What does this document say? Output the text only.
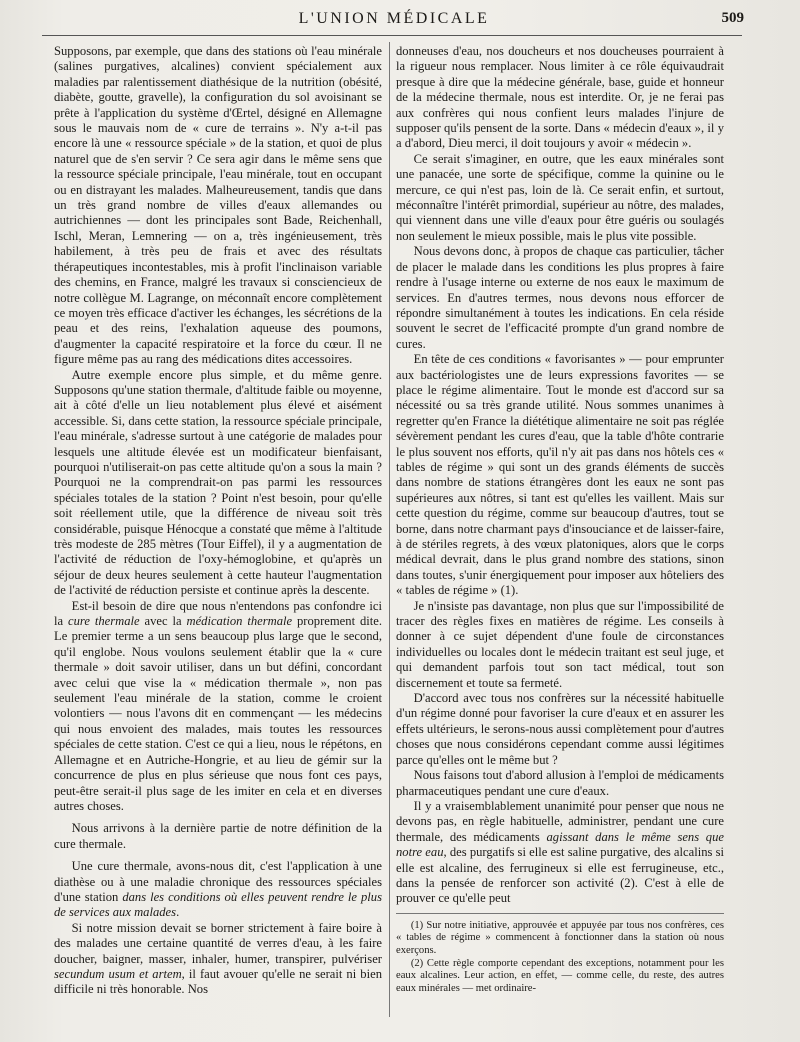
L'UNION MÉDICALE	509

Supposons, par exemple, que dans des stations où l'eau minérale (salines purgatives, alcalines) convient spécialement aux maladies par ralentissement diathésique de la nutrition (obésité, diabète, goutte, gravelle), la configuration du sol avoisinant se prête à l'application du système d'Œrtel, désigné en Allemagne sous le mauvais nom de « cure de terrains ». N'y a-t-il pas encore là une « ressource spéciale » de la station, et quoi de plus naturel que de s'en servir ? Ce sera agir dans le même sens que la ressource spéciale principale, l'eau minérale, tout en occupant ou en distrayant les malades. Malheureusement, tandis que dans un très grand nombre de villes d'eaux allemandes ou autrichiennes — dont les principales sont Bade, Reichenhall, Ischl, Meran, Lemnering — on a, très ingénieusement, très habilement, à très peu de frais et avec des résultats thérapeutiques incontestables, mis à profit l'inclinaison variable des chemins, en France, malgré les travaux si consciencieux de notre collègue M. Lagrange, on méconnaît encore complètement ce moyen très efficace d'activer les échanges, les sécrétions de la peau et des reins, l'exhalation aqueuse des poumons, d'augmenter la capacité respiratoire et la force du cœur. Il ne figure même pas au rang des médications dites accessoires.

Autre exemple encore plus simple, et du même genre. Supposons qu'une station thermale, d'altitude faible ou moyenne, ait à côté d'elle un lieu notablement plus élevé et aisément accessible. Si, dans cette station, la ressource spéciale principale, l'eau minérale, s'adresse surtout à une catégorie de malades pour lesquels une altitude élevée est un modificateur bienfaisant, pourquoi n'utiliserait-on pas cette altitude qu'on a sous la main ? Pourquoi ne la comprendrait-on pas parmi les ressources spéciales totales de la station ? Point n'est besoin, pour qu'elle soit réellement utile, que la différence de niveau soit très considérable, puisque Hénocque a constaté que même à l'altitude très modeste de 285 mètres (Tour Eiffel), il y a augmentation de l'activité de réduction de l'oxy-hémoglobine, et qu'après un séjour de deux heures seulement à cette hauteur l'augmentation de l'activité de réduction persiste et continue après la descente.

Est-il besoin de dire que nous n'entendons pas confondre ici la cure thermale avec la médication thermale proprement dite. Le premier terme a un sens beaucoup plus large que le second, qu'il englobe. Nous voulons seulement établir que la « cure thermale » doit savoir utiliser, dans un but défini, concordant avec celui que vise la « médication thermale », non pas seulement l'eau minérale de la station, comme le croient volontiers — nous l'avons dit en commençant — les médecins qui nous envoient des malades, mais toutes les ressources spéciales de cette station. C'est ce qui a lieu, nous le répétons, en Allemagne et en Autriche-Hongrie, et au lieu de gémir sur la concurrence de plus en plus sérieuse que nous font ces pays, peut-être serait-il plus sage de les imiter en cela et en diverses autres choses.

Nous arrivons à la dernière partie de notre définition de la cure thermale.

Une cure thermale, avons-nous dit, c'est l'application à une diathèse ou à une maladie chronique des ressources spéciales d'une station dans les conditions où elles peuvent rendre le plus de services aux malades.

Si notre mission devait se borner strictement à faire boire à des malades une certaine quantité de verres d'eau, à les faire doucher, baigner, masser, inhaler, humer, transpirer, pulvériser secundum usum et artem, il faut avouer qu'elle ne serait ni bien difficile ni très honorable. Nos

donneuses d'eau, nos doucheurs et nos doucheuses pourraient à la rigueur nous remplacer. Nous limiter à ce rôle équivaudrait presque à dire que la médecine générale, base, guide et honneur de la médecine thermale, nous est interdite. Or, je ne ferai pas aux confrères qui nous confient leurs malades l'injure de supposer qu'ils pensent de la sorte. Dans « médecin d'eaux », il y a d'abord, Dieu merci, il doit toujours y avoir « médecin ».

Ce serait s'imaginer, en outre, que les eaux minérales sont une panacée, une sorte de spécifique, comme la quinine ou le mercure, ce qui n'est pas, loin de là. Ce serait enfin, et surtout, méconnaître l'intérêt primordial, supérieur au nôtre, des malades, qui viennent dans une ville d'eaux pour être guéris ou soulagés non seulement le mieux possible, mais le plus vite possible.

Nous devons donc, à propos de chaque cas particulier, tâcher de placer le malade dans les conditions les plus propres à faire rendre à l'usage interne ou externe de nos eaux le maximum de services. En d'autres termes, nous devons nous efforcer de répondre simultanément à toutes les indications. En cela réside souvent le secret de l'efficacité prompte d'un grand nombre de cures.

En tête de ces conditions « favorisantes » — pour emprunter aux bactériologistes une de leurs expressions favorites — se place le régime alimentaire. Tout le monde est d'accord sur sa nécessité ou sa très grande utilité. Nous sommes unanimes à regretter qu'en France la diététique alimentaire ne soit pas réglée sévèrement pendant les cures d'eau, que la table d'hôte contrarie le plus souvent nos efforts, qu'il n'y ait pas dans nos hôtels ces « tables de régime » qui sont un des grands éléments de succès dans nombre de stations étrangères dont les eaux ne sont pas supérieures aux nôtres, si tant est qu'elles les vaillent. Mais sur cette question du régime, comme sur beaucoup d'autres, tout se borne, dans notre charmant pays d'insouciance et de laisser-faire, à de stériles regrets, à des vœux platoniques, alors que le corps médical devrait, dans le plus grand nombre des stations, sinon dans toutes, s'unir énergiquement pour imposer aux hôteliers des « tables de régime » (1).

Je n'insiste pas davantage, non plus que sur l'impossibilité de tracer des règles fixes en matières de régime. Les conseils à donner à ce sujet dépendent d'une foule de circonstances individuelles ou locales dont le médecin traitant est seul juge, et qui demandent parfois tout son tact médical, tout son discernement et toute sa fermeté.

D'accord avec tous nos confrères sur la nécessité habituelle d'un régime donné pour favoriser la cure d'eaux et en assurer les effets ultérieurs, le serons-nous aussi complètement pour d'autres choses que nous considérons cependant comme aussi légitimes parce qu'elles ont le même but ?

Nous faisons tout d'abord allusion à l'emploi de médicaments pharmaceutiques pendant une cure d'eaux.

Il y a vraisemblablement unanimité pour penser que nous ne devons pas, en règle habituelle, administrer, pendant une cure thermale, des médicaments agissant dans le même sens que notre eau, des purgatifs si elle est saline purgative, des alcalins si elle est alcaline, des ferrugineux si elle est ferrugineuse, etc., dans la pensée de renforcer son activité (2). C'est à elle de prouver ce qu'elle peut

(1) Sur notre initiative, approuvée et appuyée par tous nos confrères, ces « tables de régime » commencent à fonctionner dans la station où nous exerçons.

(2) Cette règle comporte cependant des exceptions, notamment pour les eaux alcalines. Leur action, en effet, — comme celle, du reste, des autres eaux minérales — met ordinaire-
